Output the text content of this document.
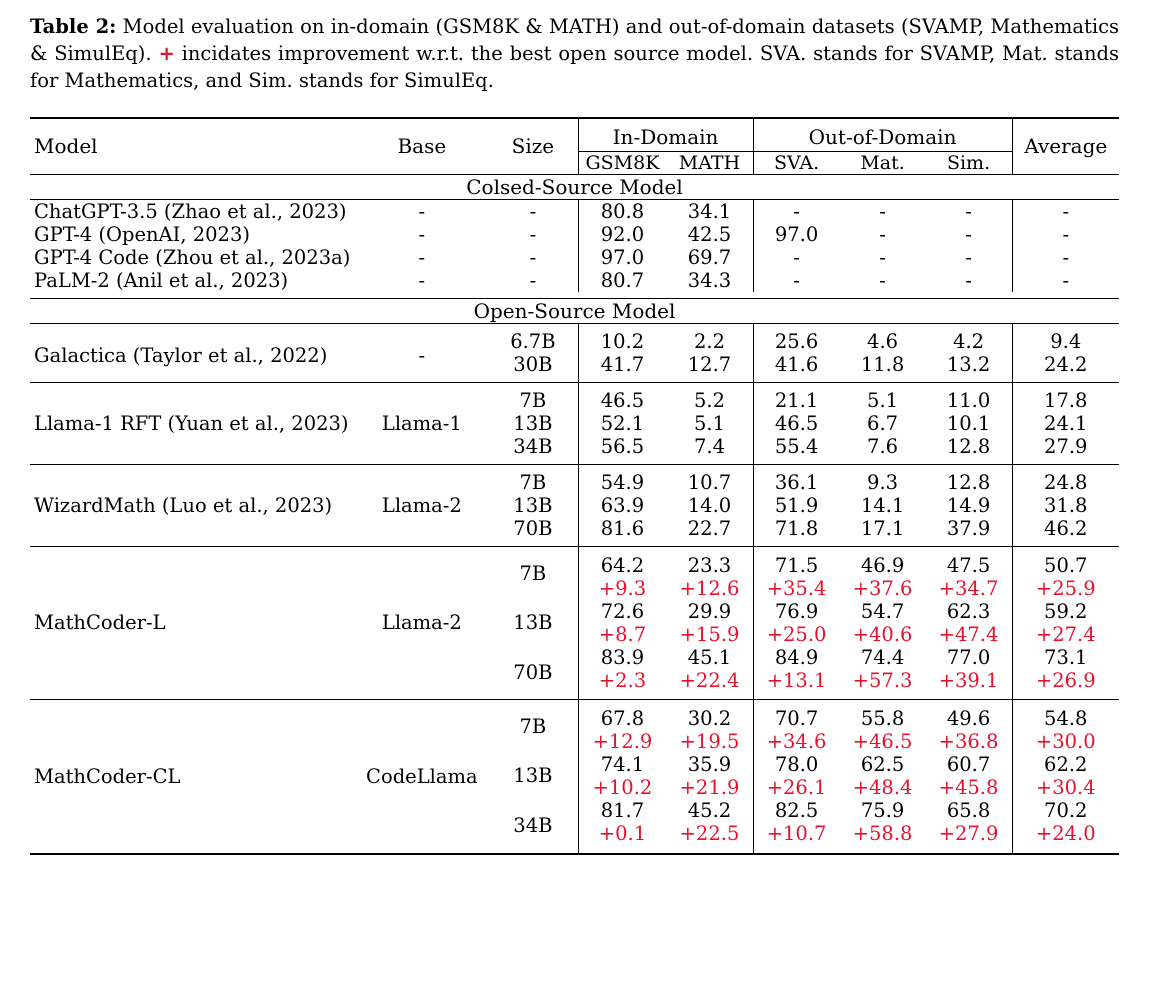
Table 2: Model evaluation on in-domain (GSM8K & MATH) and out-of-domain datasets (SVAMP, Mathematics & SimulEq). + incidates improvement w.r.t. the best open source model. SVA. stands for SVAMP, Mat. stands for Mathematics, and Sim. stands for SimulEq.

Model	Base	Size	In-Domain		Out-of-Domain			Average
			GSM8K	MATH	SVA.	Mat.	Sim.	

Colsed-Source Model								

ChatGPT-3.5 (Zhao et al., 2023)	-	-	80.8	34.1	-	-	-	-
GPT-4 (OpenAI, 2023)	-	-	92.0	42.5	97.0	-	-	-
GPT-4 Code (Zhou et al., 2023a)	-	-	97.0	69.7	-	-	-	-
PaLM-2 (Anil et al., 2023)	-	-	80.7	34.3	-	-	-	-

Open-Source Model								

Galactica (Taylor et al., 2022)	-	6.7B	10.2	2.2	25.6	4.6	4.2	9.4
		30B	41.7	12.7	41.6	11.8	13.2	24.2

Llama-1 RFT (Yuan et al., 2023)	Llama-1	7B	46.5	5.2	21.1	5.1	11.0	17.8
		13B	52.1	5.1	46.5	6.7	10.1	24.1
		34B	56.5	7.4	55.4	7.6	12.8	27.9

WizardMath (Luo et al., 2023)	Llama-2	7B	54.9	10.7	36.1	9.3	12.8	24.8
		13B	63.9	14.0	51.9	14.1	14.9	31.8
		70B	81.6	22.7	71.8	17.1	37.9	46.2

MathCoder-L	Llama-2	7B	64.2	23.3	71.5	46.9	47.5	50.7
			+9.3	+12.6	+35.4	+37.6	+34.7	+25.9
		13B	72.6	29.9	76.9	54.7	62.3	59.2
			+8.7	+15.9	+25.0	+40.6	+47.4	+27.4
		70B	83.9	45.1	84.9	74.4	77.0	73.1
			+2.3	+22.4	+13.1	+57.3	+39.1	+26.9

MathCoder-CL	CodeLlama	7B	67.8	30.2	70.7	55.8	49.6	54.8
			+12.9	+19.5	+34.6	+46.5	+36.8	+30.0
		13B	74.1	35.9	78.0	62.5	60.7	62.2
			+10.2	+21.9	+26.1	+48.4	+45.8	+30.4
		34B	81.7	45.2	82.5	75.9	65.8	70.2
			+0.1	+22.5	+10.7	+58.8	+27.9	+24.0
